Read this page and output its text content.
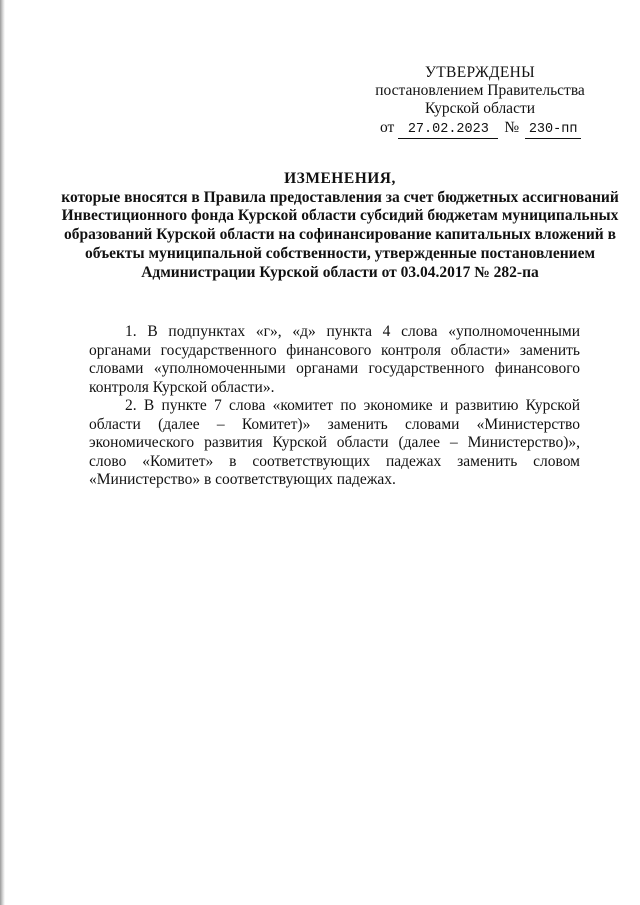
УТВЕРЖДЕНЫ
постановлением Правительства
Курской области
от 27.02.2023 № 230-пп
ИЗМЕНЕНИЯ,
которые вносятся в Правила предоставления за счет бюджетных ассигнований Инвестиционного фонда Курской области субсидий бюджетам муниципальных образований Курской области на софинансирование капитальных вложений в объекты муниципальной собственности, утвержденные постановлением Администрации Курской области от 03.04.2017 № 282-па

1. В подпунктах «г», «д» пункта 4 слова «уполномоченными органами государственного финансового контроля области» заменить словами «уполномоченными органами государственного финансового контроля Курской области».

2. В пункте 7 слова «комитет по экономике и развитию Курской области (далее – Комитет)» заменить словами «Министерство экономического развития Курской области (далее – Министерство)», слово «Комитет» в соответствующих падежах заменить словом «Министерство» в соответствующих падежах.
